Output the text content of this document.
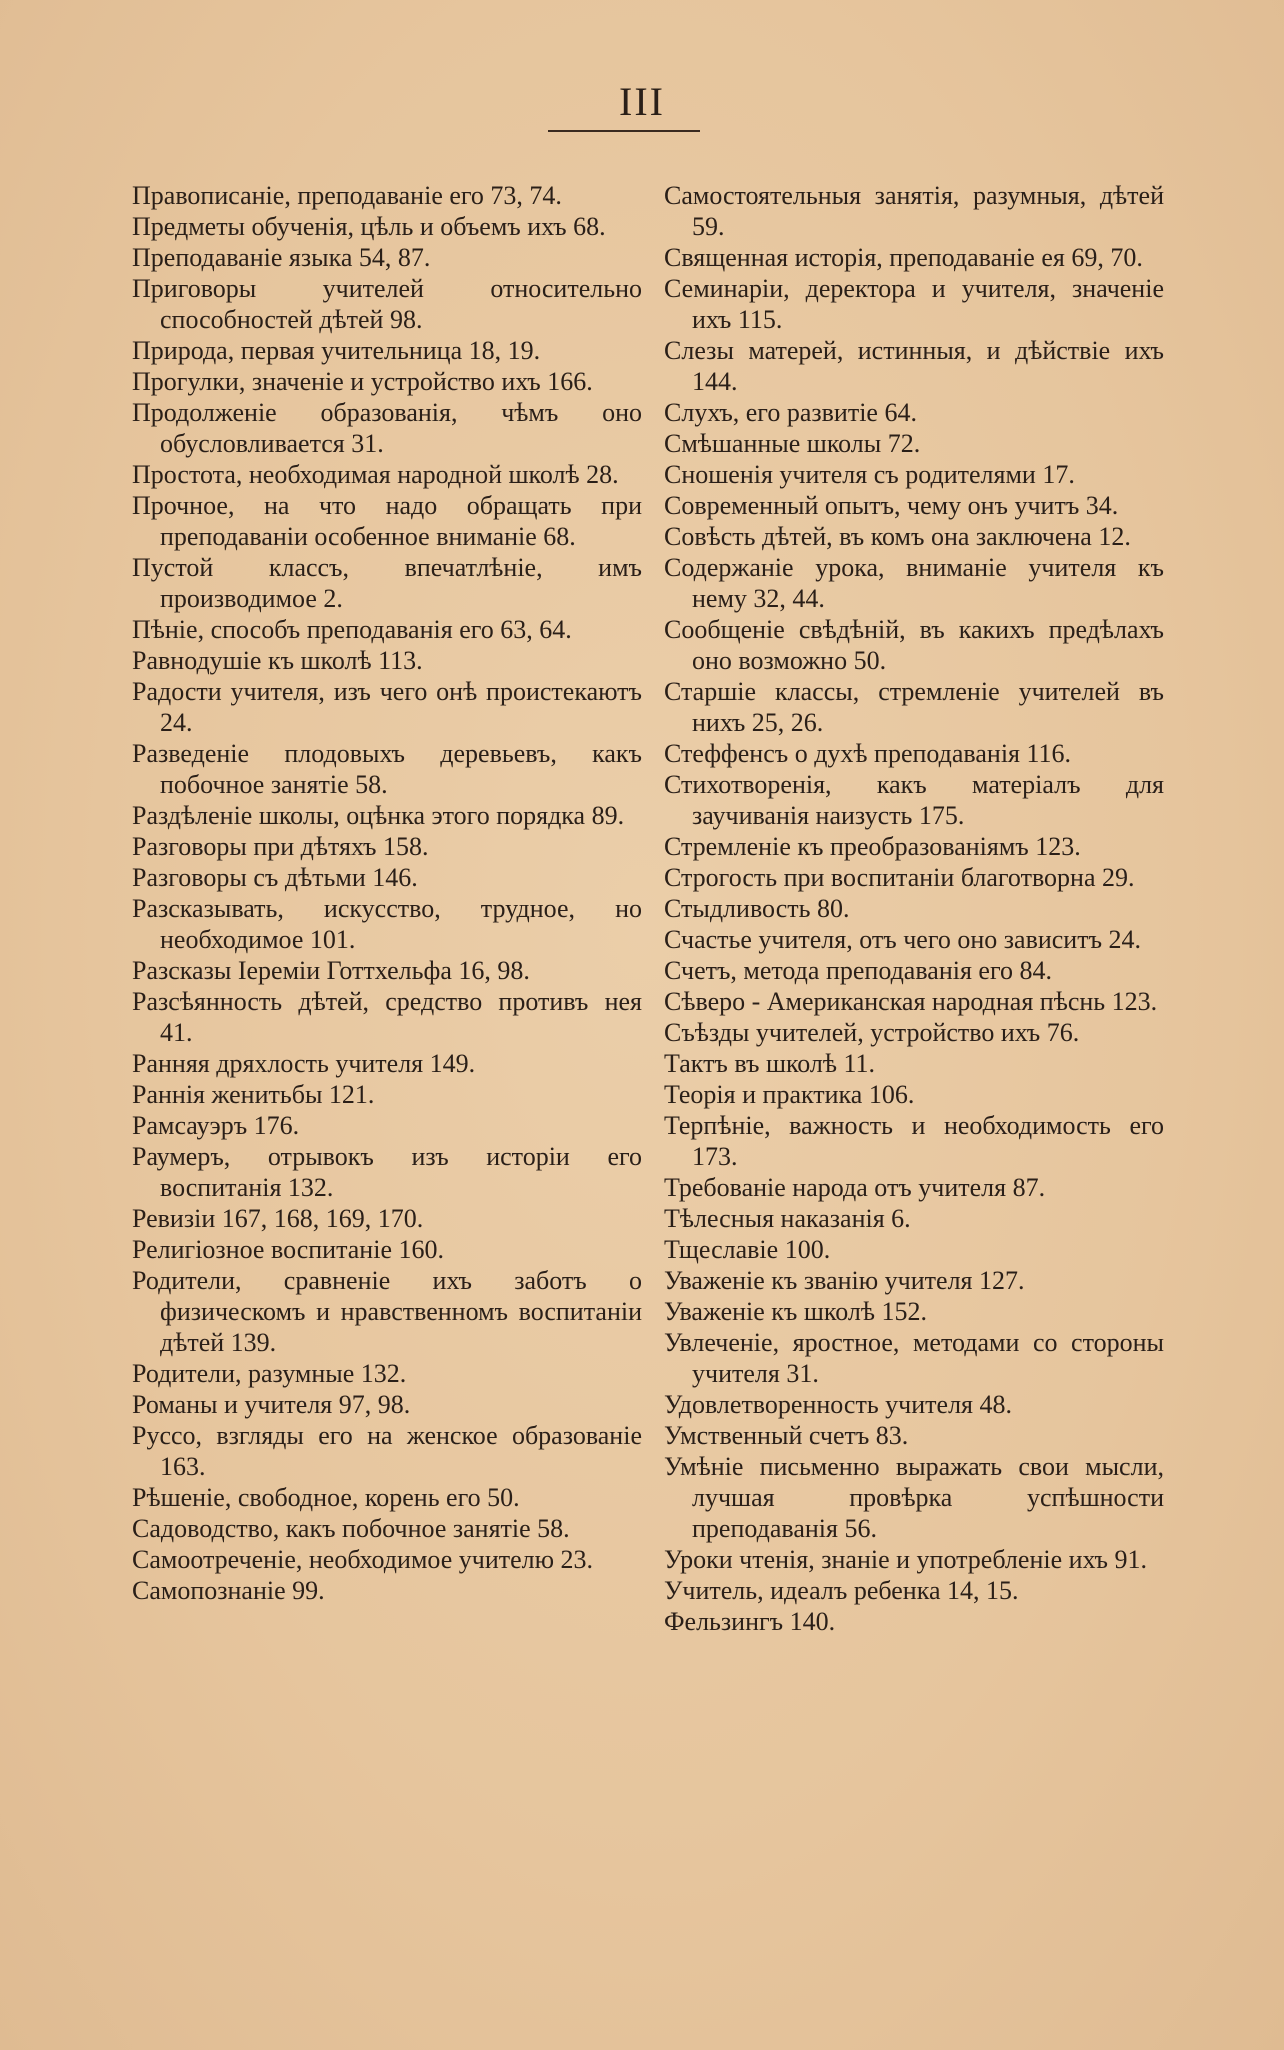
III
Правописаніе, преподаваніе его 73, 74.
Предметы обученія, цѣль и объемъ ихъ 68.
Преподаваніе языка 54, 87.
Приговоры учителей относительно способностей дѣтей 98.
Природа, первая учительница 18, 19.
Прогулки, значеніе и устройство ихъ 166.
Продолженіе образованія, чѣмъ оно обусловливается 31.
Простота, необходимая народной школѣ 28.
Прочное, на что надо обращать при преподаваніи особенное вниманіе 68.
Пустой классъ, впечатлѣніе, имъ производимое 2.
Пѣніе, способъ преподаванія его 63, 64.
Равнодушіе къ школѣ 113.
Радости учителя, изъ чего онѣ проистекаютъ 24.
Разведеніе плодовыхъ деревьевъ, какъ побочное занятіе 58.
Раздѣленіе школы, оцѣнка этого порядка 89.
Разговоры при дѣтяхъ 158.
Разговоры съ дѣтьми 146.
Разсказывать, искусство, трудное, но необходимое 101.
Разсказы Іереміи Готтхельфа 16, 98.
Разсѣянность дѣтей, средство противъ нея 41.
Ранняя дряхлость учителя 149.
Раннія женитьбы 121.
Рамсауэръ 176.
Раумеръ, отрывокъ изъ исторіи его воспитанія 132.
Ревизіи 167, 168, 169, 170.
Религіозное воспитаніе 160.
Родители, сравненіе ихъ заботъ о физическомъ и нравственномъ воспитаніи дѣтей 139.
Родители, разумные 132.
Романы и учителя 97, 98.
Руссо, взгляды его на женское образованіе 163.
Рѣшеніе, свободное, корень его 50.
Садоводство, какъ побочное занятіе 58.
Самоотреченіе, необходимое учителю 23.
Самопознаніе 99.
Самостоятельныя занятія, разумныя, дѣтей 59.
Священная исторія, преподаваніе ея 69, 70.
Семинаріи, деректора и учителя, значеніе ихъ 115.
Слезы матерей, истинныя, и дѣйствіе ихъ 144.
Слухъ, его развитіе 64.
Смѣшанные школы 72.
Сношенія учителя съ родителями 17.
Современный опытъ, чему онъ учитъ 34.
Совѣсть дѣтей, въ комъ она заключена 12.
Содержаніе урока, вниманіе учителя къ нему 32, 44.
Сообщеніе свѣдѣній, въ какихъ предѣлахъ оно возможно 50.
Старшіе классы, стремленіе учителей въ нихъ 25, 26.
Стеффенсъ о духѣ преподаванія 116.
Стихотворенія, какъ матеріалъ для заучиванія наизусть 175.
Стремленіе къ преобразованіямъ 123.
Строгость при воспитаніи благотворна 29.
Стыдливость 80.
Счастье учителя, отъ чего оно зависитъ 24.
Счетъ, метода преподаванія его 84.
Сѣверо - Американская народная пѣснь 123.
Съѣзды учителей, устройство ихъ 76.
Тактъ въ школѣ 11.
Теорія и практика 106.
Терпѣніе, важность и необходимость его 173.
Требованіе народа отъ учителя 87.
Тѣлесныя наказанія 6.
Тщеславіе 100.
Уваженіе къ званію учителя 127.
Уваженіе къ школѣ 152.
Увлеченіе, яростное, методами со стороны учителя 31.
Удовлетворенность учителя 48.
Умственный счетъ 83.
Умѣніе письменно выражать свои мысли, лучшая провѣрка успѣшности преподаванія 56.
Уроки чтенія, знаніе и употребленіе ихъ 91.
Учитель, идеалъ ребенка 14, 15.
Фельзингъ 140.
